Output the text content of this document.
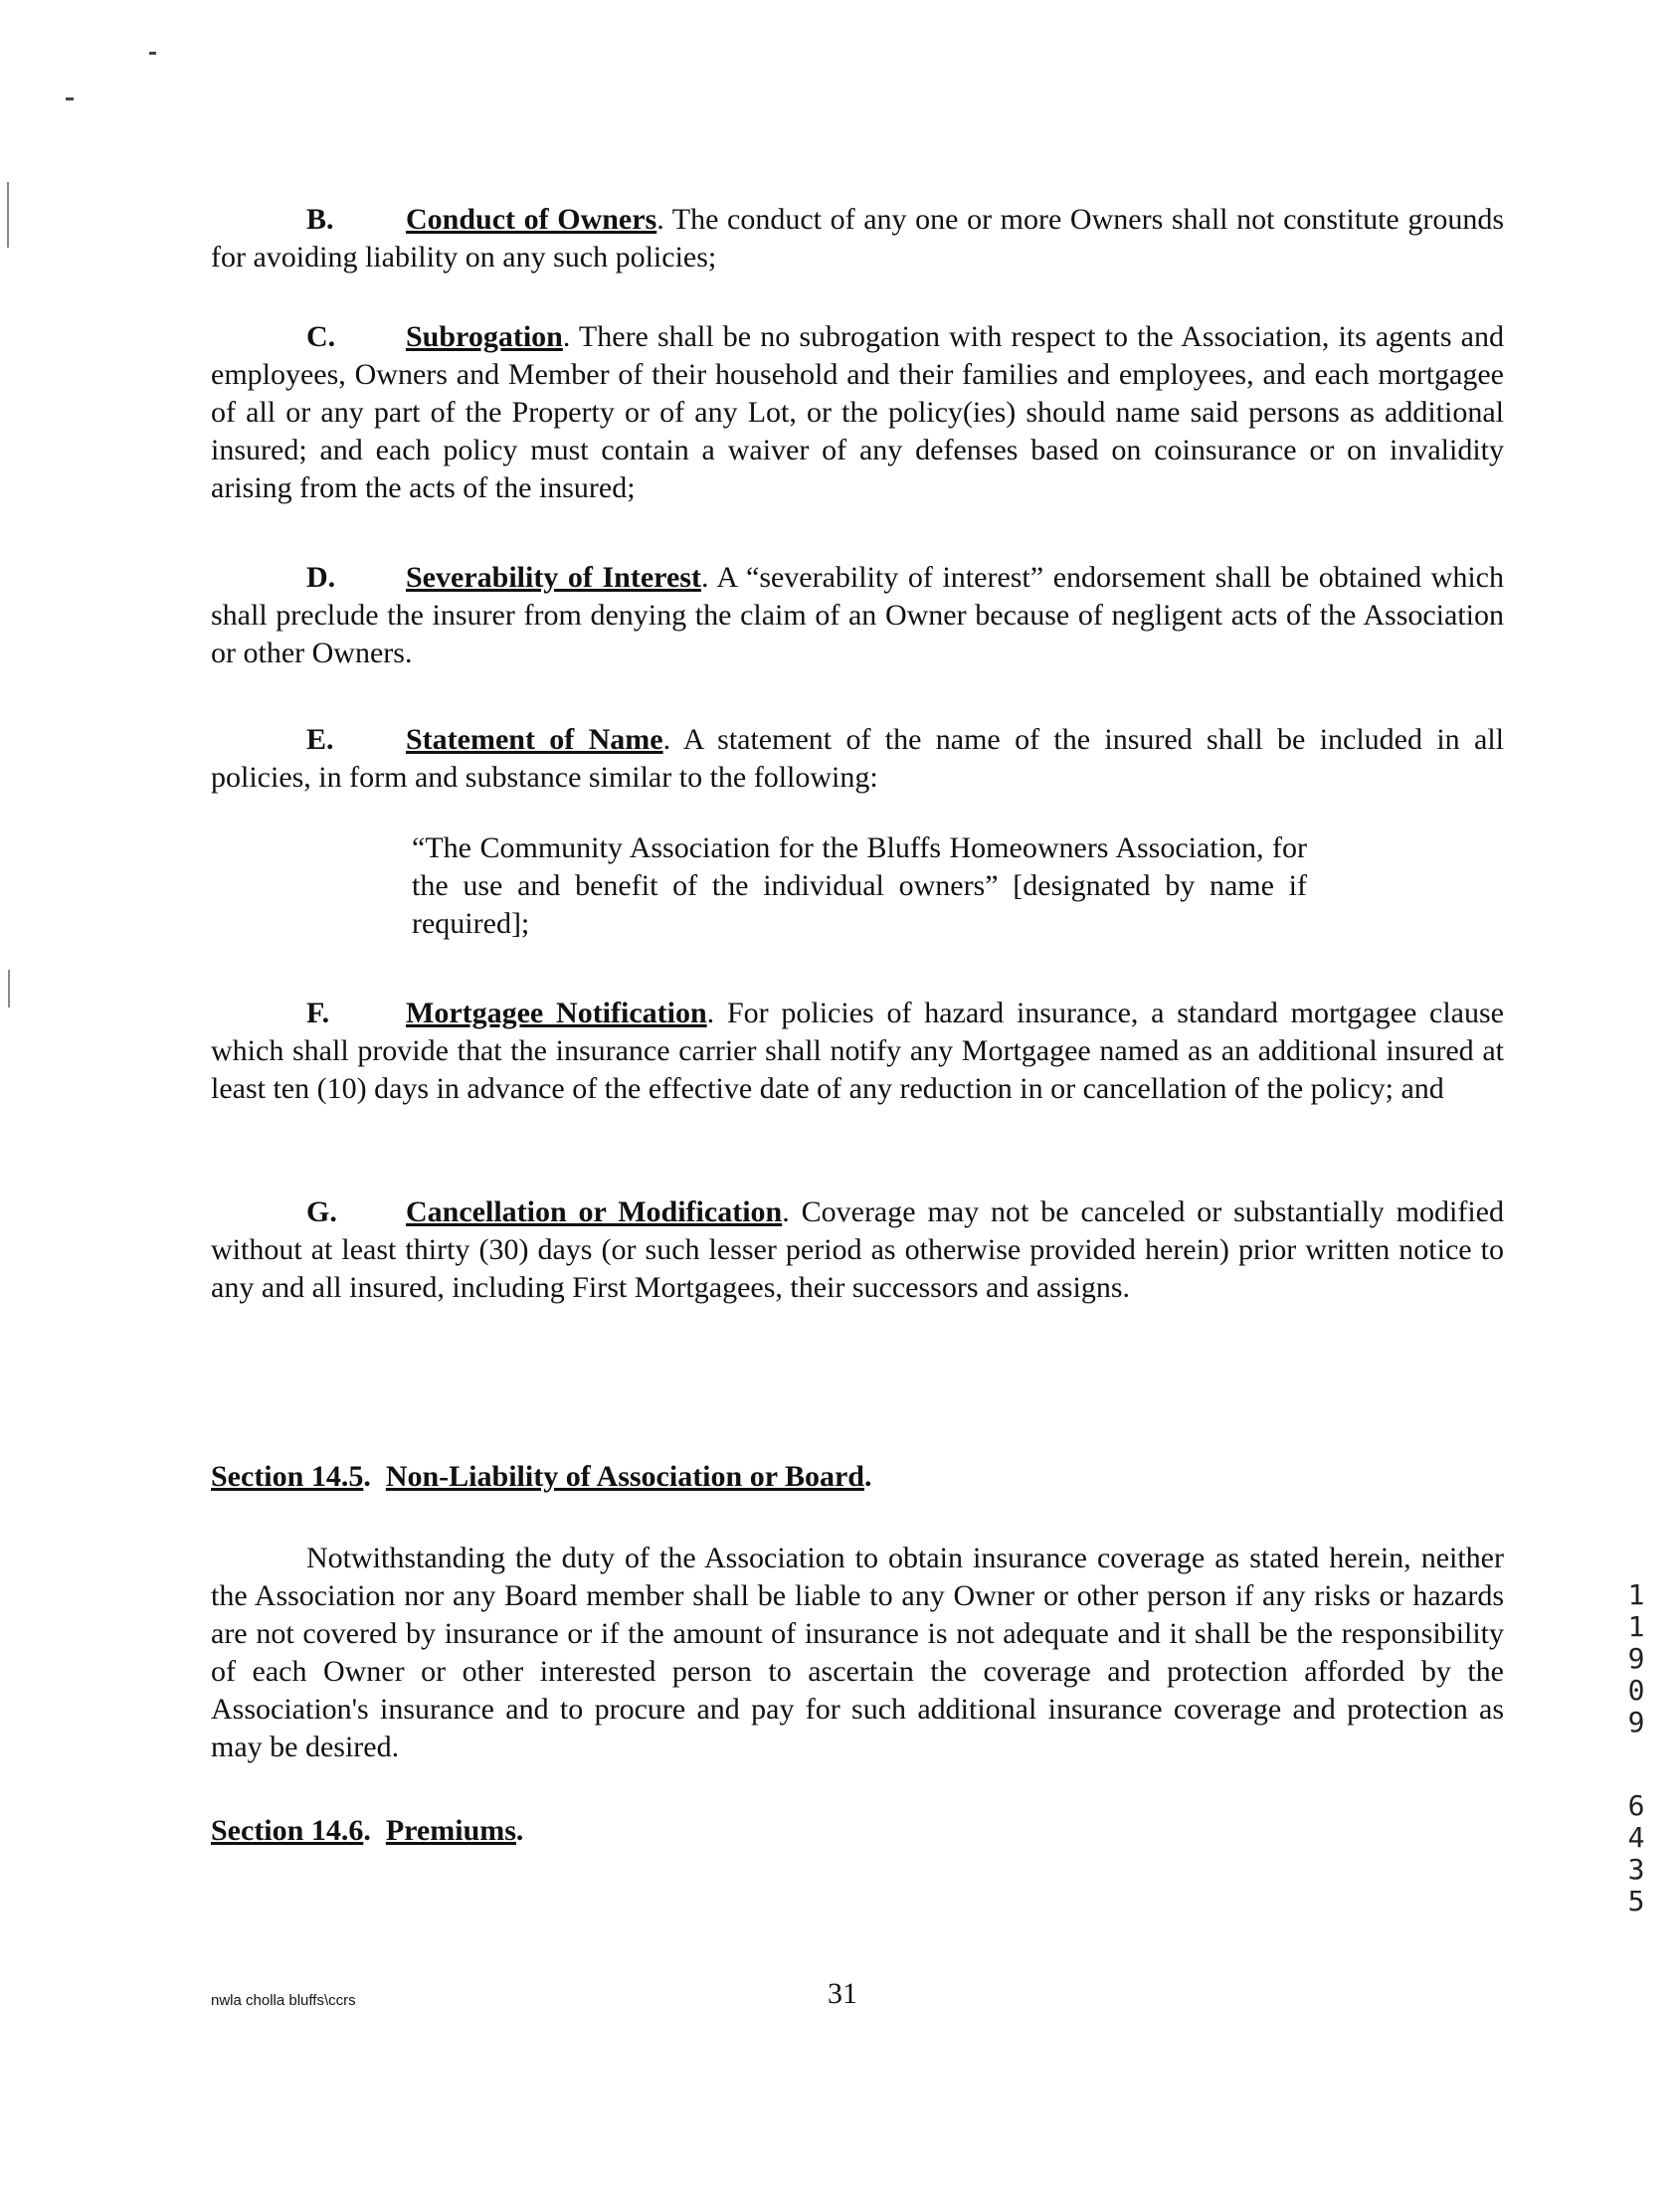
B. Conduct of Owners. The conduct of any one or more Owners shall not constitute grounds for avoiding liability on any such policies;
C. Subrogation. There shall be no subrogation with respect to the Association, its agents and employees, Owners and Member of their household and their families and employees, and each mortgagee of all or any part of the Property or of any Lot, or the policy(ies) should name said persons as additional insured; and each policy must contain a waiver of any defenses based on coinsurance or on invalidity arising from the acts of the insured;
D. Severability of Interest. A “severability of interest” endorsement shall be obtained which shall preclude the insurer from denying the claim of an Owner because of negligent acts of the Association or other Owners.
E. Statement of Name. A statement of the name of the insured shall be included in all policies, in form and substance similar to the following:
“The Community Association for the Bluffs Homeowners Association, for the use and benefit of the individual owners” [designated by name if required];
F.	Mortgagee Notification. For policies of hazard insurance, a standard mortgagee clause which shall provide that the insurance carrier shall notify any Mortgagee named as an additional insured at least ten (10) days in advance of the effective date of any reduction in or cancellation of the policy; and
G. Cancellation or Modification. Coverage may not be canceled or substantially modified without at least thirty (30) days (or such lesser period as otherwise provided herein) prior written notice to any and all insured, including First Mortgagees, their successors and assigns.
Section 14.5.  Non-Liability of Association or Board.
Notwithstanding the duty of the Association to obtain insurance coverage as stated herein, neither the Association nor any Board member shall be liable to any Owner or other person if any risks or hazards are not covered by insurance or if the amount of insurance is not adequate and it shall be the responsibility of each Owner or other interested person to ascertain the coverage and protection afforded by the Association's insurance and to procure and pay for such additional insurance coverage and protection as may be desired.
Section 14.6.  Premiums.
1
1
9
0
9
6
4
3
5
nwla cholla bluffs\ccrs	31
